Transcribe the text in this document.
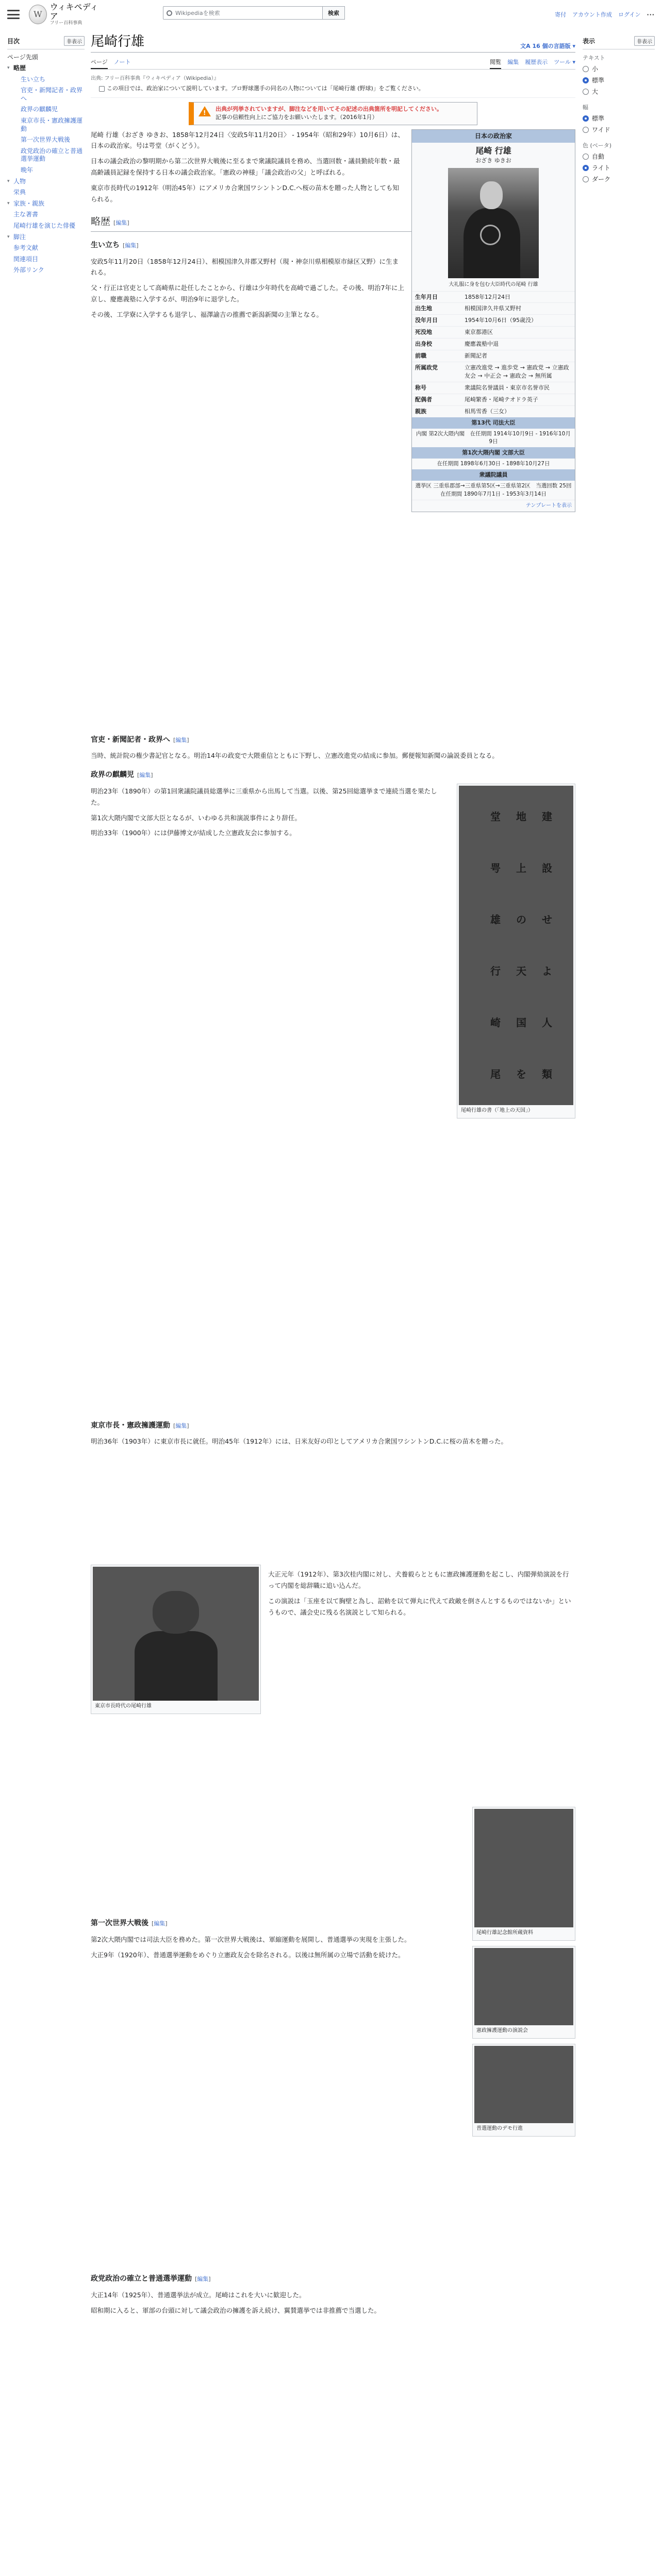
W
ウィキペディア
フリー百科事典
Wikipediaを検索	検索	寄付 アカウント作成 ログイン ···
目次	非表示
ページ先頭
▾ 略歴
生い立ち
官吏・新聞記者・政界へ
政界の麒麟児
東京市長・憲政擁護運動
第一次世界大戦後
政党政治の確立と普通選挙運動
晩年
▾ 人物
栄典
▾ 家族・親族
主な著書
尾崎行雄を演じた俳優
▾ 脚注
参考文献
関連項目
外部リンク
尾崎行雄	文A 16 個の言語版 ▾
ページ ノート	閲覧 編集 履歴表示 ツール ▾
出典: フリー百科事典『ウィキペディア（Wikipedia）』
この項目では、政治家について説明しています。プロ野球選手の同名の人物については「尾崎行雄 (野球)」をご覧ください。
!
出典が列挙されていますが、脚注などを用いてその記述の出典箇所を明記してください。
記事の信頼性向上にご協力をお願いいたします。（2016年1月）
日本の政治家
尾崎 行雄
おざき ゆきお
大礼服に身を包む大臣時代の尾崎 行雄
生年月日	1858年12月24日
出生地	相模国津久井県又野村
没年月日	1954年10月6日（95歳没）
死没地	東京都港区
出身校	慶應義塾中退
前職	新聞記者
所属政党	立憲改進党 → 進歩党 → 憲政党 → 立憲政友会 → 中正会 → 憲政会 → 無所属
称号	衆議院名誉議員・東京市名誉市民
配偶者	尾崎繁香・尾崎テオドラ英子
親族	相馬雪香（三女）
第13代 司法大臣
内閣 第2次大隈内閣　在任期間 1914年10月9日 - 1916年10月9日
第1次大隈内閣 文部大臣
在任期間 1898年6月30日 - 1898年10月27日
衆議院議員
選挙区 三重県郡部→三重県第5区→三重県第2区　当選回数 25回　在任期間 1890年7月1日 - 1953年3月14日
テンプレートを表示

尾崎 行雄（おざき ゆきお、1858年12月24日〈安政5年11月20日〉 - 1954年（昭和29年）10月6日）は、日本の政治家。号は咢堂（がくどう）。

日本の議会政治の黎明期から第二次世界大戦後に至るまで衆議院議員を務め、当選回数・議員勤続年数・最高齢議員記録を保持する日本の議会政治家。「憲政の神様」「議会政治の父」と呼ばれる。

東京市長時代の1912年（明治45年）にアメリカ合衆国ワシントンD.C.へ桜の苗木を贈った人物としても知られる。

略歴 [編集]
生い立ち [編集]

安政5年11月20日（1858年12月24日）、相模国津久井郡又野村（現・神奈川県相模原市緑区又野）に生まれる。

父・行正は官吏として高崎県に赴任したことから、行雄は少年時代を高崎で過ごした。その後、明治7年に上京し、慶應義塾に入学するが、明治9年に退学した。

その後、工学寮に入学するも退学し、福澤諭吉の推薦で新潟新聞の主筆となる。

官吏・新聞記者・政界へ [編集]

当時、統計院の権少書記官となる。明治14年の政変で大隈重信とともに下野し、立憲改進党の結成に参加。郵便報知新聞の論説委員となる。

政界の麒麟児 [編集]
堂
咢
雄
行
崎
尾
地
上
の
天
国
を
建
設
せ
よ
人
類
尾崎行雄の書（「地上の天国」）

明治23年（1890年）の第1回衆議院議員総選挙に三重県から出馬して当選。以後、第25回総選挙まで連続当選を果たした。

第1次大隈内閣で文部大臣となるが、いわゆる共和演説事件により辞任。

明治33年（1900年）には伊藤博文が結成した立憲政友会に参加する。

東京市長・憲政擁護運動 [編集]

明治36年（1903年）に東京市長に就任。明治45年（1912年）には、日米友好の印としてアメリカ合衆国ワシントンD.C.に桜の苗木を贈った。

東京市長時代の尾崎行雄

大正元年（1912年）、第3次桂内閣に対し、犬養毅らとともに憲政擁護運動を起こし、内閣弾劾演説を行って内閣を総辞職に追い込んだ。

この演説は「玉座を以て胸壁と為し、詔勅を以て弾丸に代えて政敵を倒さんとするものではないか」というもので、議会史に残る名演説として知られる。

尾崎行雄記念館所蔵資料
第一次世界大戦後 [編集]
憲政擁護運動の演説会

第2次大隈内閣では司法大臣を務めた。第一次世界大戦後は、軍縮運動を展開し、普通選挙の実現を主張した。

大正9年（1920年）、普通選挙運動をめぐり立憲政友会を除名される。以後は無所属の立場で活動を続けた。

普選運動のデモ行進
政党政治の確立と普通選挙運動 [編集]

大正14年（1925年）、普通選挙法が成立。尾崎はこれを大いに歓迎した。

昭和期に入ると、軍部の台頭に対して議会政治の擁護を訴え続け、翼賛選挙では非推薦で当選した。

表示	非表示
テキスト
小
標準
大
幅
標準
ワイド
色 (ベータ)
自動
ライト
ダーク
